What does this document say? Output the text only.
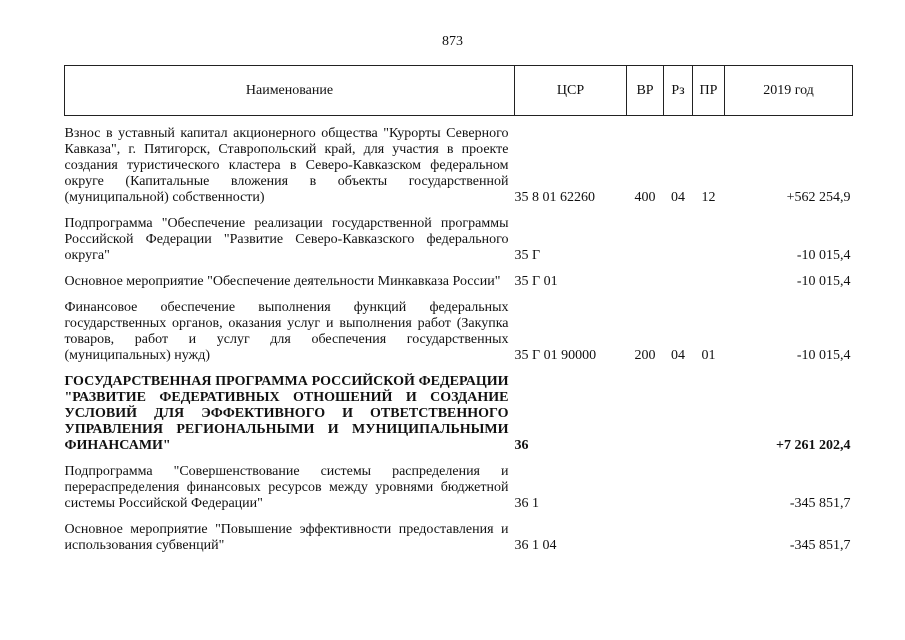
873
Наименование	ЦСР	ВР	Рз	ПР	2019 год

Взнос в уставный капитал акционерного общества "Курорты Северного Кавказа", г. Пятигорск, Ставропольский край, для участия в проекте создания туристического кластера в Северо-Кавказском федеральном округе (Капитальные вложения в объекты государственной (муниципальной) собственности)	35 8 01 62260	400	04	12	+562 254,9

Подпрограмма "Обеспечение реализации государственной программы Российской Федерации "Развитие Северо-Кавказского федерального округа"	35 Г				-10 015,4

Основное мероприятие "Обеспечение деятельности Минкавказа России"	35 Г 01				-10 015,4

Финансовое обеспечение выполнения функций федеральных государственных органов, оказания услуг и выполнения работ (Закупка товаров, работ и услуг для обеспечения государственных (муниципальных) нужд)	35 Г 01 90000	200	04	01	-10 015,4

ГОСУДАРСТВЕННАЯ ПРОГРАММА РОССИЙСКОЙ ФЕДЕРАЦИИ "РАЗВИТИЕ ФЕДЕРАТИВНЫХ ОТНОШЕНИЙ И СОЗДАНИЕ УСЛОВИЙ ДЛЯ ЭФФЕКТИВНОГО И ОТВЕТСТВЕННОГО УПРАВЛЕНИЯ РЕГИОНАЛЬНЫМИ И МУНИЦИПАЛЬНЫМИ ФИНАНСАМИ"	36				+7 261 202,4

Подпрограмма "Совершенствование системы распределения и перераспределения финансовых ресурсов между уровнями бюджетной системы Российской Федерации"	36 1				-345 851,7

Основное мероприятие "Повышение эффективности предоставления и использования субвенций"	36 1 04				-345 851,7
